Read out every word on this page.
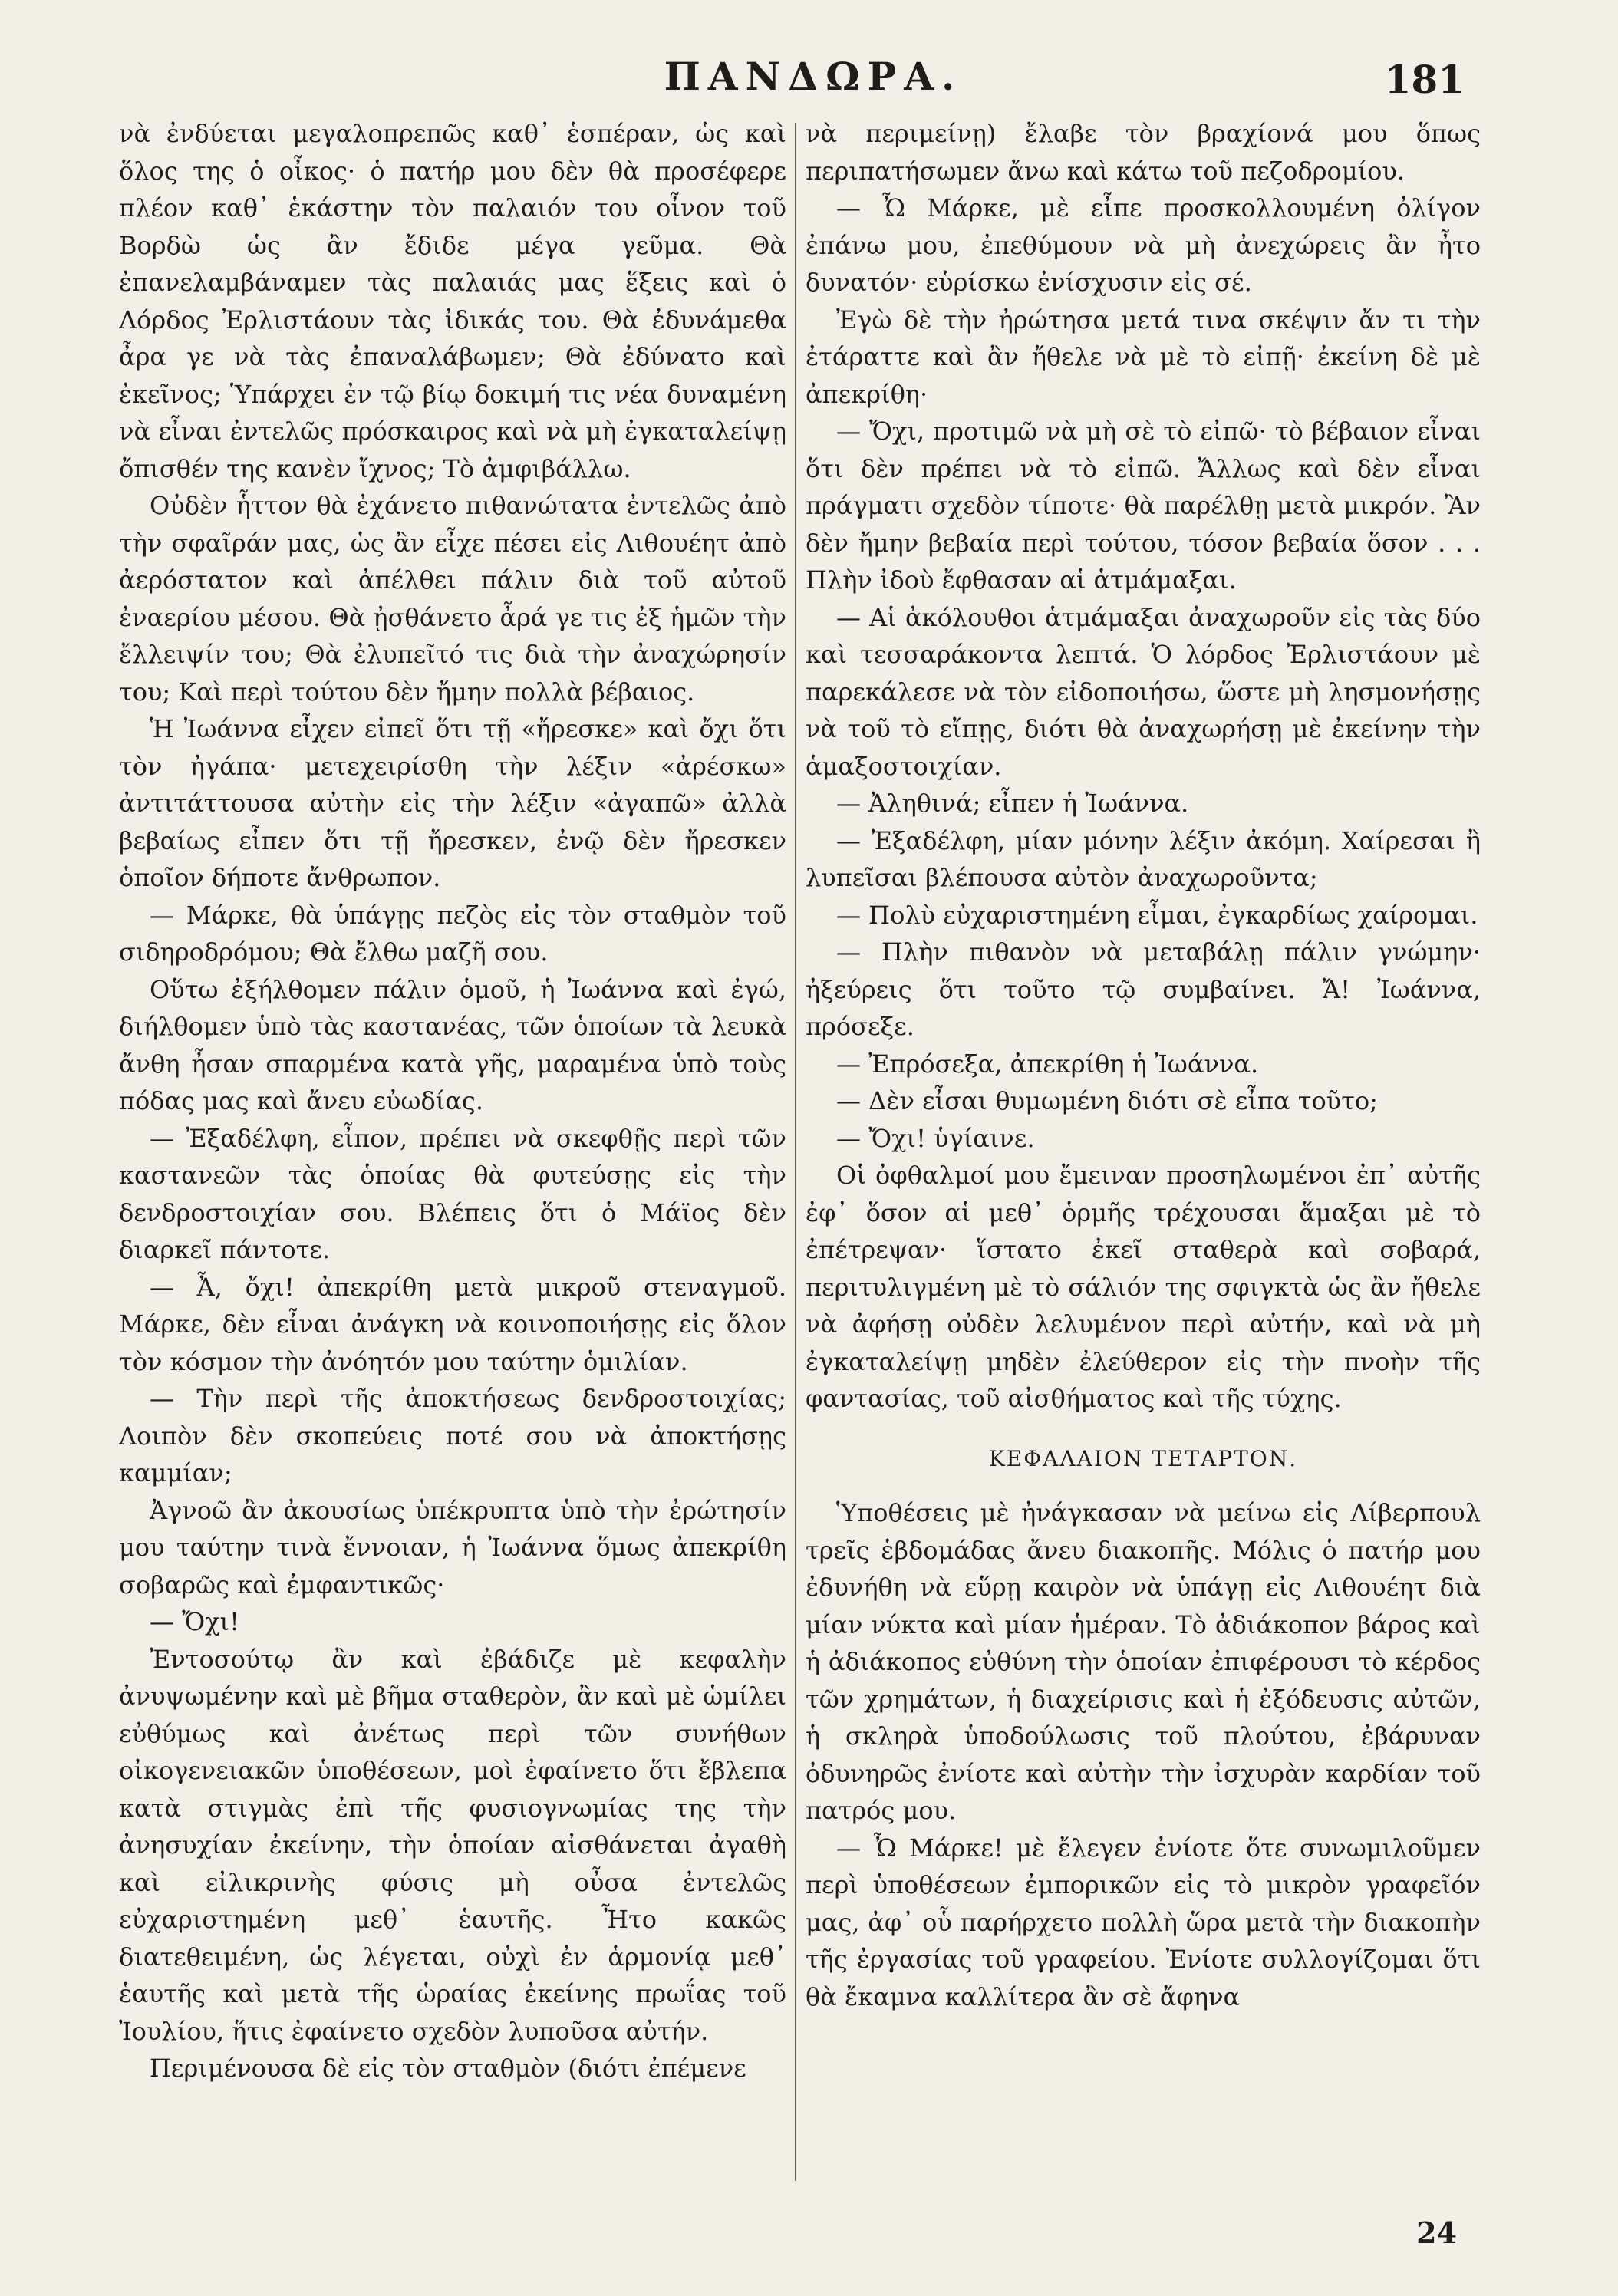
ΠΑΝΔΩΡΑ.	181

νὰ ἐνδύεται μεγαλοπρεπῶς καθ᾿ ἑσπέραν, ὡς καὶ ὅλος της ὁ οἶκος· ὁ πατήρ μου δὲν θὰ προσέφερε πλέον καθ᾿ ἑκάστην τὸν παλαιόν του οἶνον τοῦ Βορδὼ ὡς ἂν ἔδιδε μέγα γεῦμα. Θὰ ἐπανελαμβάναμεν τὰς παλαιάς μας ἕξεις καὶ ὁ Λόρδος Ἐρλιστάουν τὰς ἰδικάς του. Θὰ ἐδυνάμεθα ἆρα γε νὰ τὰς ἐπαναλάβωμεν; Θὰ ἐδύνατο καὶ ἐκεῖνος; Ὑπάρχει ἐν τῷ βίῳ δοκιμή τις νέα δυναμένη νὰ εἶναι ἐντελῶς πρόσκαιρος καὶ νὰ μὴ ἐγκαταλείψῃ ὄπισθέν της κανὲν ἴχνος; Τὸ ἀμφιβάλλω.

Οὐδὲν ἧττον θὰ ἐχάνετο πιθανώτατα ἐντελῶς ἀπὸ τὴν σφαῖράν μας, ὡς ἂν εἶχε πέσει εἰς Λιθουέητ ἀπὸ ἀερόστατον καὶ ἀπέλθει πάλιν διὰ τοῦ αὐτοῦ ἐναερίου μέσου. Θὰ ᾐσθάνετο ἆρά γε τις ἐξ ἡμῶν τὴν ἔλλειψίν του; Θὰ ἐλυπεῖτό τις διὰ τὴν ἀναχώρησίν του; Καὶ περὶ τούτου δὲν ἤμην πολλὰ βέβαιος.

Ἡ Ἰωάννα εἶχεν εἰπεῖ ὅτι τῇ «ἤρεσκε» καὶ ὄχι ὅτι τὸν ἠγάπα· μετεχειρίσθη τὴν λέξιν «ἀρέσκω» ἀντιτάττουσα αὐτὴν εἰς τὴν λέξιν «ἀγαπῶ» ἀλλὰ βεβαίως εἶπεν ὅτι τῇ ἤρεσκεν, ἐνῷ δὲν ἤρεσκεν ὁποῖον δήποτε ἄνθρωπον.

— Μάρκε, θὰ ὑπάγῃς πεζὸς εἰς τὸν σταθμὸν τοῦ σιδηροδρόμου; Θὰ ἔλθω μαζῆ σου.

Οὕτω ἐξήλθομεν πάλιν ὁμοῦ, ἡ Ἰωάννα καὶ ἐγώ, διήλθομεν ὑπὸ τὰς καστανέας, τῶν ὁποίων τὰ λευκὰ ἄνθη ἦσαν σπαρμένα κατὰ γῆς, μαραμένα ὑπὸ τοὺς πόδας μας καὶ ἄνευ εὐωδίας.

— Ἐξαδέλφη, εἶπον, πρέπει νὰ σκεφθῇς περὶ τῶν καστανεῶν τὰς ὁποίας θὰ φυτεύσῃς εἰς τὴν δενδροστοιχίαν σου. Βλέπεις ὅτι ὁ Μάϊος δὲν διαρκεῖ πάντοτε.

— Ἆ, ὄχι! ἀπεκρίθη μετὰ μικροῦ στεναγμοῦ. Μάρκε, δὲν εἶναι ἀνάγκη νὰ κοινοποιήσῃς εἰς ὅλον τὸν κόσμον τὴν ἀνόητόν μου ταύτην ὁμιλίαν.

— Τὴν περὶ τῆς ἀποκτήσεως δενδροστοιχίας; Λοιπὸν δὲν σκοπεύεις ποτέ σου νὰ ἀποκτήσῃς καμμίαν;

Ἀγνοῶ ἂν ἀκουσίως ὑπέκρυπτα ὑπὸ τὴν ἐρώτησίν μου ταύτην τινὰ ἔννοιαν, ἡ Ἰωάννα ὅμως ἀπεκρίθη σοβαρῶς καὶ ἐμφαντικῶς·

— Ὄχι!

Ἐντοσούτῳ ἂν καὶ ἐβάδιζε μὲ κεφαλὴν ἀνυψωμένην καὶ μὲ βῆμα σταθερὸν, ἂν καὶ μὲ ὡμίλει εὐθύμως καὶ ἀνέτως περὶ τῶν συνήθων οἰκογενειακῶν ὑποθέσεων, μοὶ ἐφαίνετο ὅτι ἔβλεπα κατὰ στιγμὰς ἐπὶ τῆς φυσιογνωμίας της τὴν ἀνησυχίαν ἐκείνην, τὴν ὁποίαν αἰσθάνεται ἀγαθὴ καὶ εἰλικρινὴς φύσις μὴ οὖσα ἐντελῶς εὐχαριστημένη μεθ᾿ ἑαυτῆς. Ἦτο κακῶς διατεθειμένη, ὡς λέγεται, οὐχὶ ἐν ἁρμονίᾳ μεθ᾿ ἑαυτῆς καὶ μετὰ τῆς ὡραίας ἐκείνης πρωΐας τοῦ Ἰουλίου, ἥτις ἐφαίνετο σχεδὸν λυποῦσα αὐτήν.

Περιμένουσα δὲ εἰς τὸν σταθμὸν (διότι ἐπέμενε

νὰ περιμείνῃ) ἔλαβε τὸν βραχίονά μου ὅπως περιπατήσωμεν ἄνω καὶ κάτω τοῦ πεζοδρομίου.

— Ὦ Μάρκε, μὲ εἶπε προσκολλουμένη ὀλίγον ἐπάνω μου, ἐπεθύμουν νὰ μὴ ἀνεχώρεις ἂν ἦτο δυνατόν· εὑρίσκω ἐνίσχυσιν εἰς σέ.

Ἐγὼ δὲ τὴν ἠρώτησα μετά τινα σκέψιν ἄν τι τὴν ἐτάραττε καὶ ἂν ἤθελε νὰ μὲ τὸ εἰπῇ· ἐκείνη δὲ μὲ ἀπεκρίθη·

— Ὄχι, προτιμῶ νὰ μὴ σὲ τὸ εἰπῶ· τὸ βέβαιον εἶναι ὅτι δὲν πρέπει νὰ τὸ εἰπῶ. Ἄλλως καὶ δὲν εἶναι πράγματι σχεδὸν τίποτε· θὰ παρέλθῃ μετὰ μικρόν. Ἂν δὲν ἤμην βεβαία περὶ τούτου, τόσον βεβαία ὅσον . . . Πλὴν ἰδοὺ ἔφθασαν αἱ ἁτμάμαξαι.

— Αἱ ἀκόλουθοι ἁτμάμαξαι ἀναχωροῦν εἰς τὰς δύο καὶ τεσσαράκοντα λεπτά. Ὁ λόρδος Ἐρλιστάουν μὲ παρεκάλεσε νὰ τὸν εἰδοποιήσω, ὥστε μὴ λησμονήσῃς νὰ τοῦ τὸ εἴπῃς, διότι θὰ ἀναχωρήσῃ μὲ ἐκείνην τὴν ἁμαξοστοιχίαν.

— Ἀληθινά; εἶπεν ἡ Ἰωάννα.

— Ἐξαδέλφη, μίαν μόνην λέξιν ἀκόμη. Χαίρεσαι ἢ λυπεῖσαι βλέπουσα αὐτὸν ἀναχωροῦντα;

— Πολὺ εὐχαριστημένη εἶμαι, ἐγκαρδίως χαίρομαι.

— Πλὴν πιθανὸν νὰ μεταβάλῃ πάλιν γνώμην· ἠξεύρεις ὅτι τοῦτο τῷ συμβαίνει. Ἄ! Ἰωάννα, πρόσεξε.

— Ἐπρόσεξα, ἀπεκρίθη ἡ Ἰωάννα.

— Δὲν εἶσαι θυμωμένη διότι σὲ εἶπα τοῦτο;

— Ὄχι! ὑγίαινε.

Οἱ ὀφθαλμοί μου ἔμειναν προσηλωμένοι ἐπ᾿ αὐτῆς ἐφ᾿ ὅσον αἱ μεθ᾿ ὁρμῆς τρέχουσαι ἅμαξαι μὲ τὸ ἐπέτρεψαν· ἵστατο ἐκεῖ σταθερὰ καὶ σοβαρά, περιτυλιγμένη μὲ τὸ σάλιόν της σφιγκτὰ ὡς ἂν ἤθελε νὰ ἀφήσῃ οὐδὲν λελυμένον περὶ αὐτήν, καὶ νὰ μὴ ἐγκαταλείψῃ μηδὲν ἐλεύθερον εἰς τὴν πνοὴν τῆς φαντασίας, τοῦ αἰσθήματος καὶ τῆς τύχης.

ΚΕΦΑΛΑΙΟΝ ΤΕΤΑΡΤΟΝ.

Ὑποθέσεις μὲ ἠνάγκασαν νὰ μείνω εἰς Λίβερπουλ τρεῖς ἑβδομάδας ἄνευ διακοπῆς. Μόλις ὁ πατήρ μου ἐδυνήθη νὰ εὕρῃ καιρὸν νὰ ὑπάγῃ εἰς Λιθουέητ διὰ μίαν νύκτα καὶ μίαν ἡμέραν. Τὸ ἀδιάκοπον βάρος καὶ ἡ ἀδιάκοπος εὐθύνη τὴν ὁποίαν ἐπιφέρουσι τὸ κέρδος τῶν χρημάτων, ἡ διαχείρισις καὶ ἡ ἐξόδευσις αὐτῶν, ἡ σκληρὰ ὑποδούλωσις τοῦ πλούτου, ἐβάρυναν ὀδυνηρῶς ἐνίοτε καὶ αὐτὴν τὴν ἰσχυρὰν καρδίαν τοῦ πατρός μου.

— Ὦ Μάρκε! μὲ ἔλεγεν ἐνίοτε ὅτε συνωμιλοῦμεν περὶ ὑποθέσεων ἐμπορικῶν εἰς τὸ μικρὸν γραφεῖόν μας, ἀφ᾿ οὗ παρήρχετο πολλὴ ὥρα μετὰ τὴν διακοπὴν τῆς ἐργασίας τοῦ γραφείου. Ἐνίοτε συλλογίζομαι ὅτι θὰ ἔκαμνα καλλίτερα ἂν σὲ ἄφηνα

24
